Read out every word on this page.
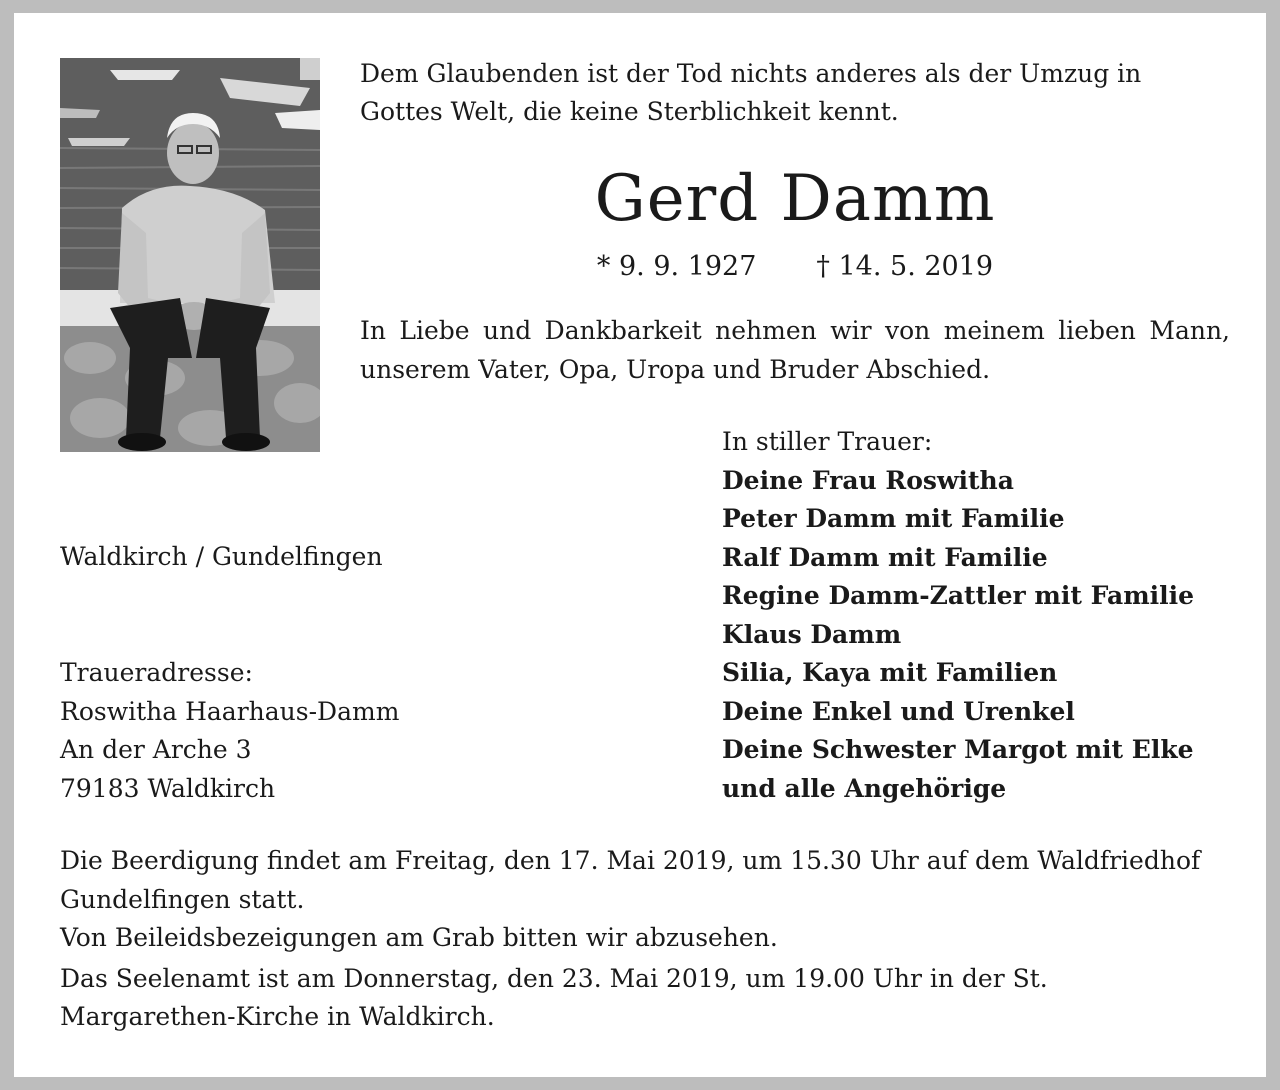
Dem Glaubenden ist der Tod nichts anderes als der Umzug in Gottes Welt, die keine Sterblichkeit kennt.

Gerd Damm

* 9. 9. 1927 † 14. 5. 2019

In Liebe und Dankbarkeit nehmen wir von meinem lieben Mann, unserem Vater, Opa, Uropa und Bruder Abschied.

In stiller Trauer:
Deine Frau Roswitha
Peter Damm mit Familie
Ralf Damm mit Familie
Regine Damm-Zattler mit Familie
Klaus Damm
Silia, Kaya mit Familien
Deine Enkel und Urenkel
Deine Schwester Margot mit Elke
und alle Angehörige

Waldkirch / Gundelfingen

Traueradresse:
Roswitha Haarhaus-Damm
An der Arche 3
79183 Waldkirch

Die Beerdigung findet am Freitag, den 17. Mai 2019, um 15.30 Uhr auf dem Waldfriedhof Gundelfingen statt.

Von Beileidsbezeigungen am Grab bitten wir abzusehen.

Das Seelenamt ist am Donnerstag, den 23. Mai 2019, um 19.00 Uhr in der St. Margarethen-Kirche in Waldkirch.
